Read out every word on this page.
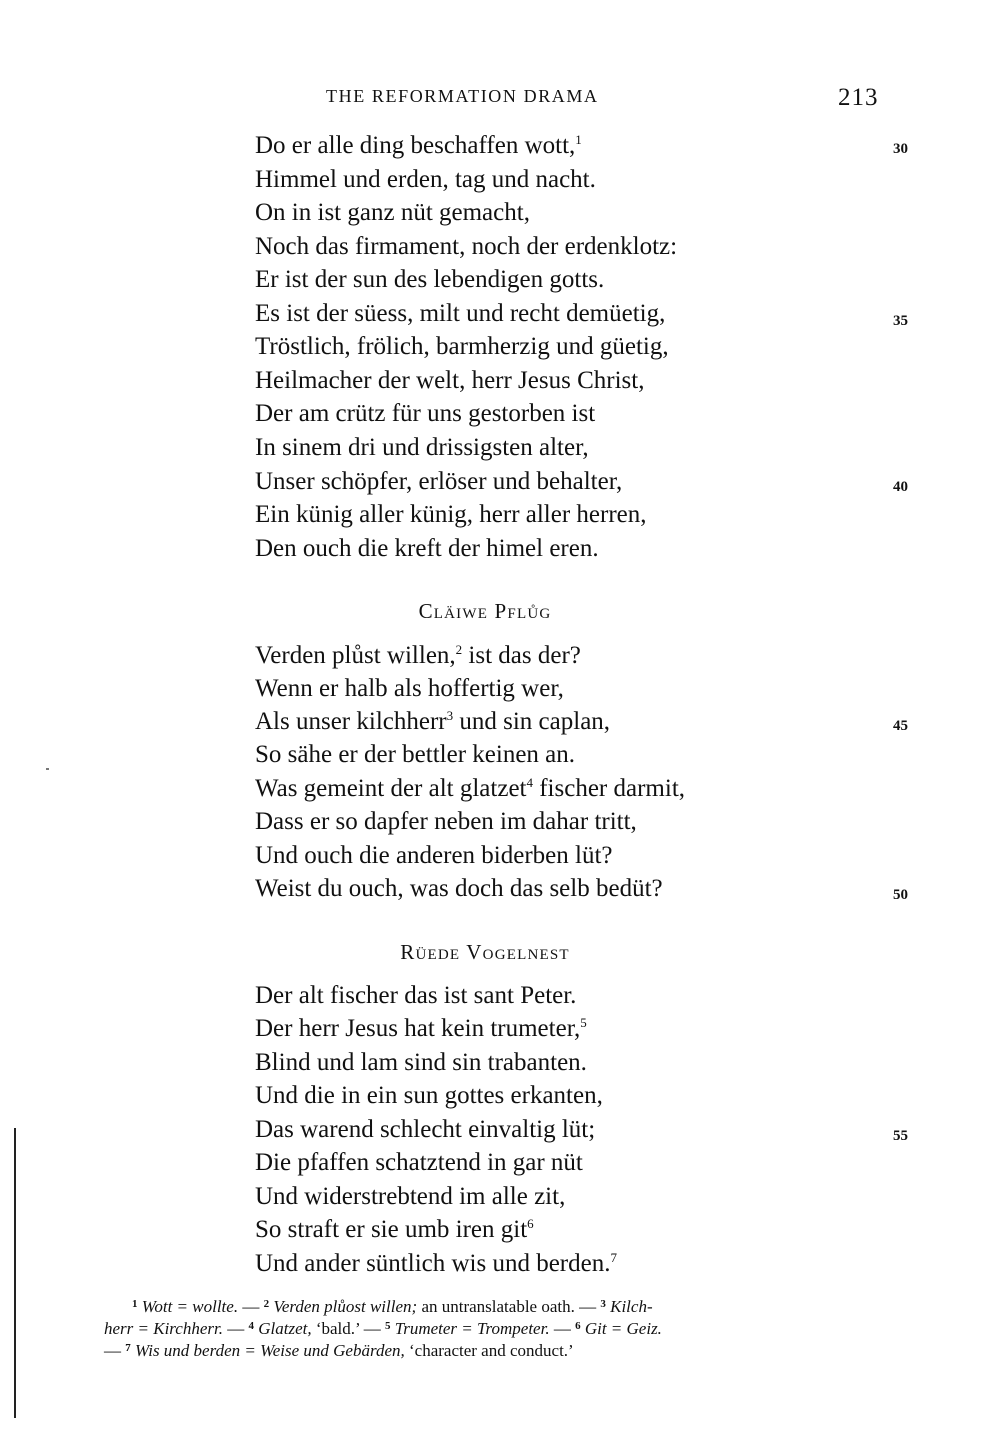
THE REFORMATION DRAMA	213
Do er alle ding beschaffen wott,$^1$
Himmel und erden, tag und nacht.
On in ist ganz nüt gemacht,
Noch das firmament, noch der erdenklotz:
Er ist der sun des lebendigen gotts.
Es ist der süess, milt und recht demüetig,
Tröstlich, frölich, barmherzig und güetig,
Heilmacher der welt, herr Jesus Christ,
Der am crütz für uns gestorben ist
In sinem dri und drissigsten alter,
Unser schöpfer, erlöser und behalter,
Ein künig aller künig, herr aller herren,
Den ouch die kreft der himel eren.
30
35
40
Cläiwe Pflůg
Verden plůst willen,$^2$ ist das der?
Wenn er halb als hoffertig wer,
Als unser kilchherr$^3$ und sin caplan,
So sähe er der bettler keinen an.
Was gemeint der alt glatzet$^4$ fischer darmit,
Dass er so dapfer neben im dahar tritt,
Und ouch die anderen biderben lüt?
Weist du ouch, was doch das selb bedüt?
45
50
Rüede Vogelnest
Der alt fischer das ist sant Peter.
Der herr Jesus hat kein trumeter,$^5$
Blind und lam sind sin trabanten.
Und die in ein sun gottes erkanten,
Das warend schlecht einvaltig lüt;
Die pfaffen schatztend in gar nüt
Und widerstrebtend im alle zit,
So straft er sie umb iren git$^6$
Und ander süntlich wis und berden.$^7$
55
$^1$ Wott = wollte. — $^2$ Verden plůost willen; an untranslatable oath. — $^3$ Kilch-
herr = Kirchherr. — $^4$ Glatzet, ‘bald.’ — $^5$ Trumeter = Trompeter. — $^6$ Git = Geiz.
— $^7$ Wis und berden = Weise und Gebärden, ‘character and conduct.’
